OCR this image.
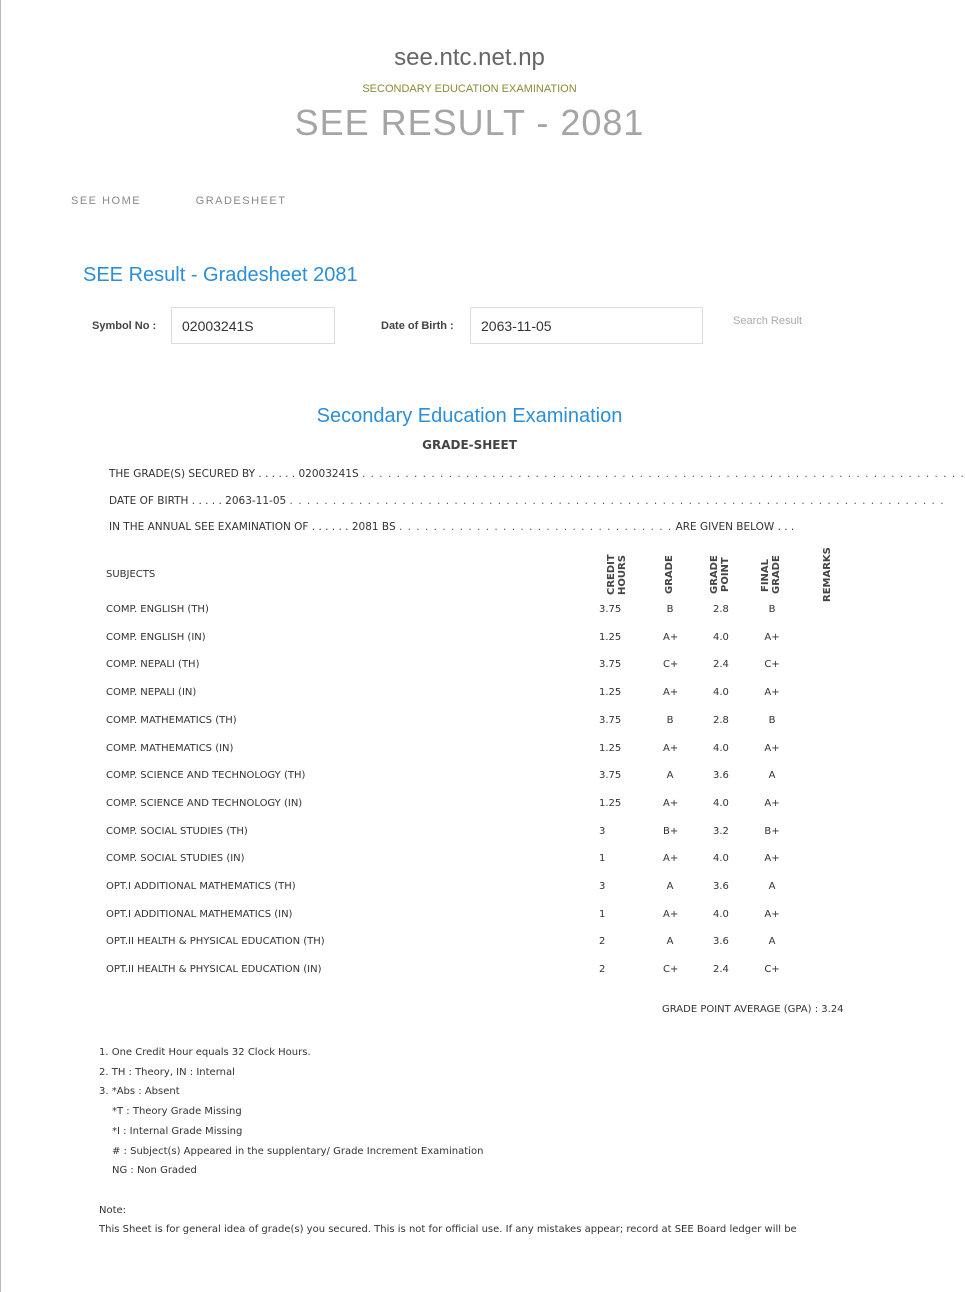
see.ntc.net.np
SECONDARY EDUCATION EXAMINATION
SEE RESULT - 2081
SEE HOME	GRADESHEET
SEE Result - Gradesheet 2081
Symbol No :
02003241S	Date of Birth :
2063-11-05	Search Result
Secondary Education Examination
GRADE-SHEET
THE GRADE(S) SECURED BY . . . . . . 02003241S . . . . . . . . . . . . . . . . . . . . . . . . . . . . . . . . . . . . . . . . . . . . . . . . . . . . . . . . . . . . . . . . . . . . . .
DATE OF BIRTH . . . . . 2063-11-05 . . . . . . . . . . . . . . . . . . . . . . . . . . . . . . . . . . . . . . . . . . . . . . . . . . . . . . . . . . . . . . . . . . . . . . . . . . . .
IN THE ANNUAL SEE EXAMINATION OF . . . . . . 2081 BS . . . . . . . . . . . . . . . . . . . . . . . . . . . . . . . . ARE GIVEN BELOW . . .
SUBJECTS	CREDIT HOURS	GRADE	GRADE POINT	FINAL GRADE	REMARKS
COMP. ENGLISH (TH)	3.75	B	2.8	B
COMP. ENGLISH (IN)	1.25	A+	4.0	A+
COMP. NEPALI (TH)	3.75	C+	2.4	C+
COMP. NEPALI (IN)	1.25	A+	4.0	A+
COMP. MATHEMATICS (TH)	3.75	B	2.8	B
COMP. MATHEMATICS (IN)	1.25	A+	4.0	A+
COMP. SCIENCE AND TECHNOLOGY (TH)	3.75	A	3.6	A
COMP. SCIENCE AND TECHNOLOGY (IN)	1.25	A+	4.0	A+
COMP. SOCIAL STUDIES (TH)	3	B+	3.2	B+
COMP. SOCIAL STUDIES (IN)	1	A+	4.0	A+
OPT.I ADDITIONAL MATHEMATICS (TH)	3	A	3.6	A
OPT.I ADDITIONAL MATHEMATICS (IN)	1	A+	4.0	A+
OPT.II HEALTH & PHYSICAL EDUCATION (TH)	2	A	3.6	A
OPT.II HEALTH & PHYSICAL EDUCATION (IN)	2	C+	2.4	C+
GRADE POINT AVERAGE (GPA) : 3.24
1. One Credit Hour equals 32 Clock Hours.
2. TH : Theory, IN : Internal
3. *Abs : Absent
*T : Theory Grade Missing
*I : Internal Grade Missing
# : Subject(s) Appeared in the supplentary/ Grade Increment Examination
NG : Non Graded
Note:
This Sheet is for general idea of grade(s) you secured. This is not for official use. If any mistakes appear; record at SEE Board ledger will be
